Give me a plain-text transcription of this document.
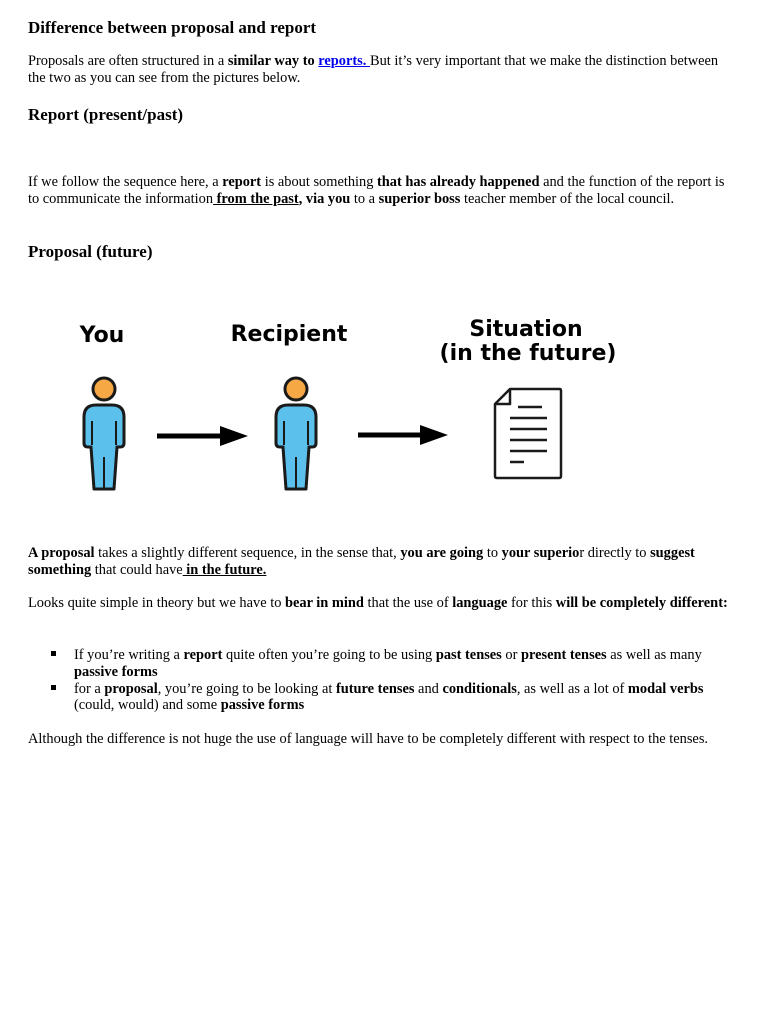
Difference between proposal and report

Proposals are often structured in a similar way to reports. But it’s very important that we make the distinction between the two as you can see from the pictures below.

Report (present/past)

If we follow the sequence here, a report is about something that has already happened and the function of the report is to communicate the information from the past, via you to a superior boss teacher member of the local council.

Proposal (future)

A proposal takes a slightly different sequence, in the sense that, you are going to your superior directly to suggest something that could have in the future.

Looks quite simple in theory but we have to bear in mind that the use of language for this will be completely different:

If you’re writing a report quite often you’re going to be using past tenses or present tenses as well as many passive forms
for a proposal, you’re going to be looking at future tenses and conditionals, as well as a lot of modal verbs (could, would) and some passive forms

Although the difference is not huge the use of language will have to be completely different with respect to the tenses.

You	Recipient	Situation
(in the future)
